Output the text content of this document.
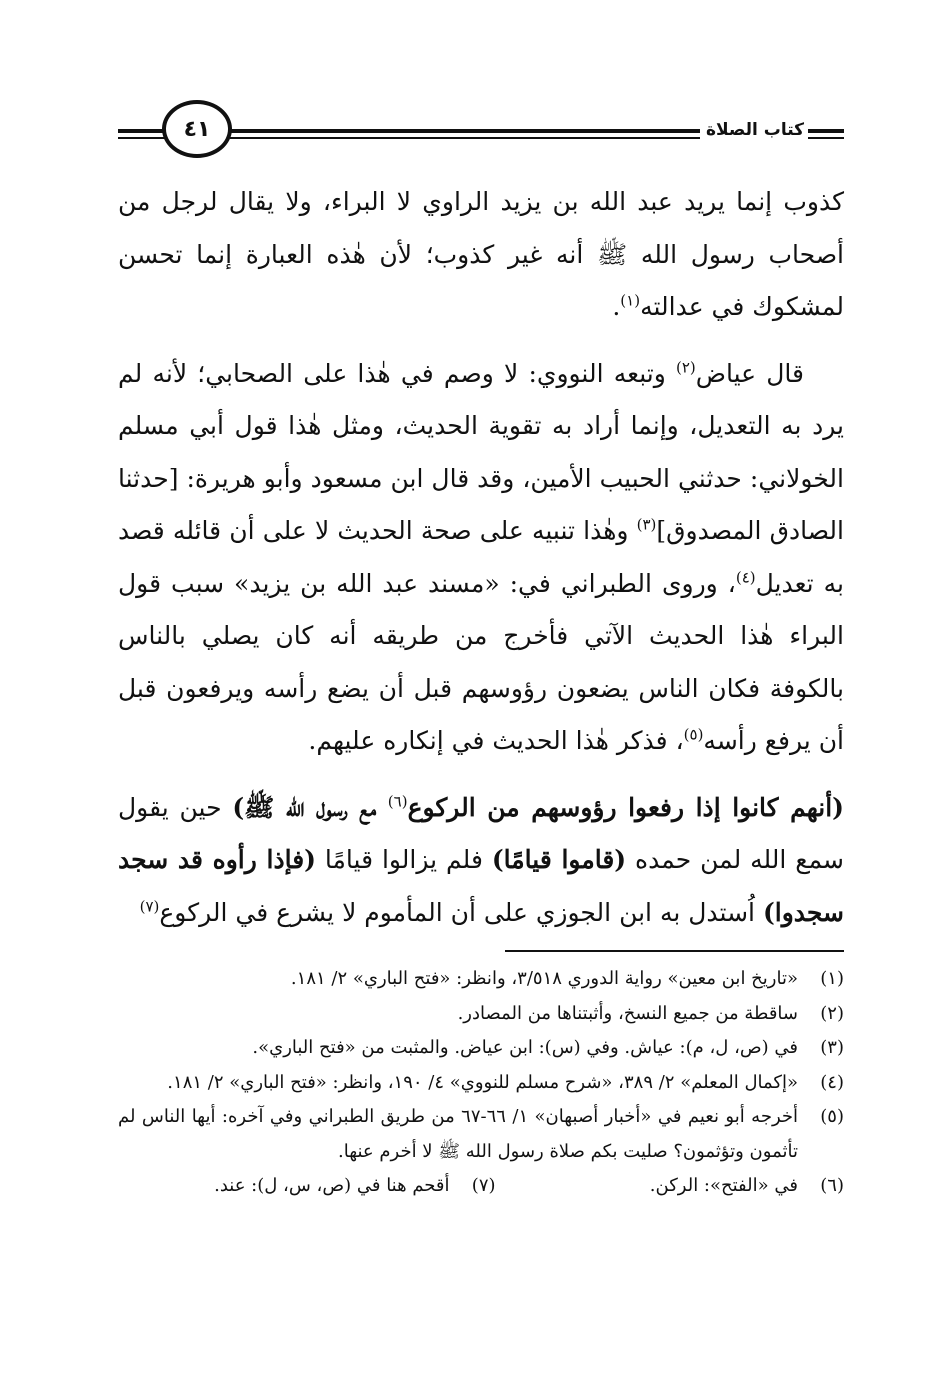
٤١	كتاب الصلاة

كذوب إنما يريد عبد الله بن يزيد الراوي لا البراء، ولا يقال لرجل من أصحاب رسول الله ﷺ أنه غير كذوب؛ لأن هٰذه العبارة إنما تحسن لمشكوك في عدالته$^{(١)}$.

قال عياض$^{(٢)}$ وتبعه النووي: لا وصم في هٰذا على الصحابي؛ لأنه لم يرد به التعديل، وإنما أراد به تقوية الحديث، ومثل هٰذا قول أبي مسلم الخولاني: حدثني الحبيب الأمين، وقد قال ابن مسعود وأبو هريرة: [حدثنا الصادق المصدوق]$^{(٣)}$ وهٰذا تنبيه على صحة الحديث لا على أن قائله قصد به تعديل$^{(٤)}$، وروى الطبراني في: «مسند عبد الله بن يزيد» سبب قول البراء هٰذا الحديث الآتي فأخرج من طريقه أنه كان يصلي بالناس بالكوفة فكان الناس يضعون رؤوسهم قبل أن يضع رأسه ويرفعون قبل أن يرفع رأسه$^{(٥)}$، فذكر هٰذا الحديث في إنكاره عليهم.

(أنهم كانوا إذا رفعوا رؤوسهم من الركوع$^{(٦)}$ مع رسول الله ﷺ) حين يقول سمع الله لمن حمده (قاموا قيامًا) فلم يزالوا قيامًا (فإذا رأوه قد سجد سجدوا) اُستدل به ابن الجوزي على أن المأموم لا يشرع في الركوع$^{(٧)}$

(١)
«تاريخ ابن معين» رواية الدوري ٣/٥١٨، وانظر: «فتح الباري» ٢/ ١٨١.
(٢)
ساقطة من جميع النسخ، وأثبتناها من المصادر.
(٣)
في (ص، ل، م): عياش. وفي (س): ابن عياض. والمثبت من «فتح الباري».
(٤)
«إكمال المعلم» ٢/ ٣٨٩، «شرح مسلم للنووي» ٤/ ١٩٠، وانظر: «فتح الباري» ٢/ ١٨١.
(٥)
أخرجه أبو نعيم في «أخبار أصبهان» ١/ ٦٦-٦٧ من طريق الطبراني وفي آخره: أيها الناس لم تأثمون وتؤثمون؟ صليت بكم صلاة رسول الله ﷺ لا أخرم عنها.
(٦)
في «الفتح»: الركن.
(٧)
أقحم هنا في (ص، س، ل): عند.
